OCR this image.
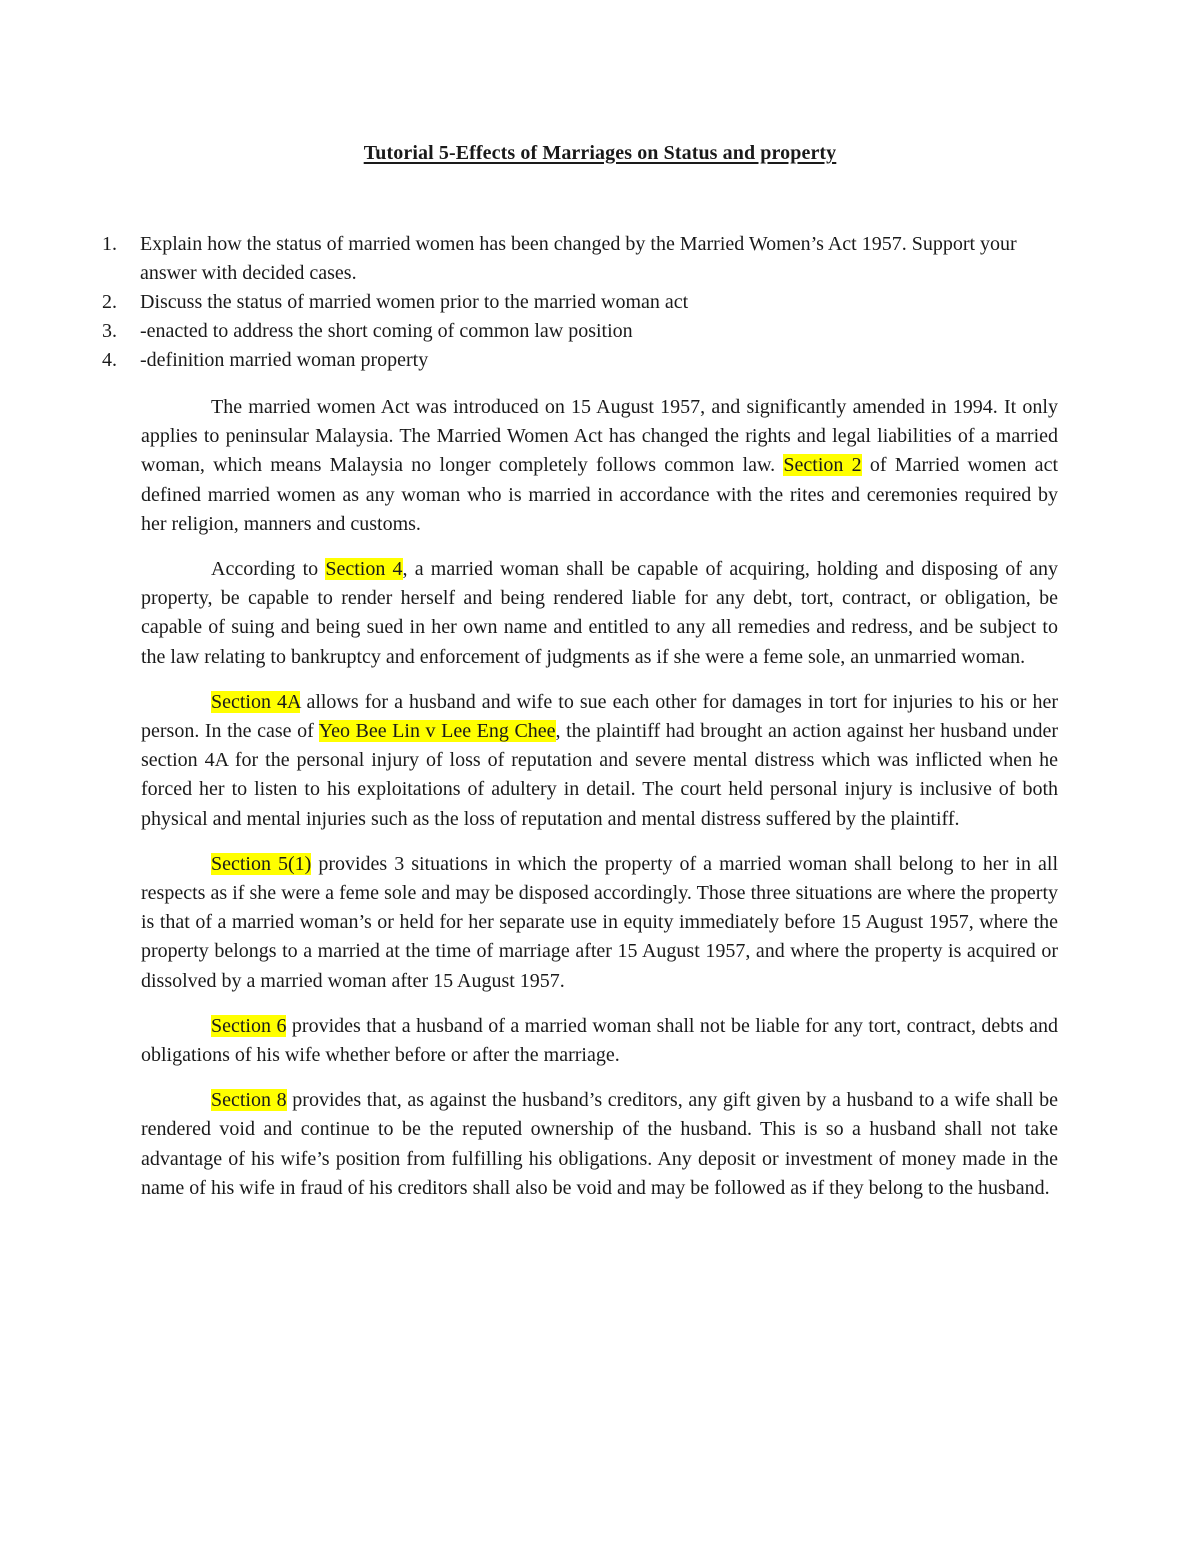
Tutorial 5-Effects of Marriages on Status and property
1.	Explain how the status of married women has been changed by the Married Women’s Act 1957. Support your answer with decided cases.
2.	Discuss the status of married women prior to the married woman act
3.	-enacted to address the short coming of common law position
4.	-definition married woman property

The married women Act was introduced on 15 August 1957, and significantly amended in 1994. It only applies to peninsular Malaysia. The Married Women Act has changed the rights and legal liabilities of a married woman, which means Malaysia no longer completely follows common law. Section 2 of Married women act defined married women as any woman who is married in accordance with the rites and ceremonies required by her religion, manners and customs.

According to Section 4, a married woman shall be capable of acquiring, holding and disposing of any property, be capable to render herself and being rendered liable for any debt, tort, contract, or obligation, be capable of suing and being sued in her own name and entitled to any all remedies and redress, and be subject to the law relating to bankruptcy and enforcement of judgments as if she were a feme sole, an unmarried woman.

Section 4A allows for a husband and wife to sue each other for damages in tort for injuries to his or her person. In the case of Yeo Bee Lin v Lee Eng Chee, the plaintiff had brought an action against her husband under section 4A for the personal injury of loss of reputation and severe mental distress which was inflicted when he forced her to listen to his exploitations of adultery in detail. The court held personal injury is inclusive of both physical and mental injuries such as the loss of reputation and mental distress suffered by the plaintiff.

Section 5(1) provides 3 situations in which the property of a married woman shall belong to her in all respects as if she were a feme sole and may be disposed accordingly. Those three situations are where the property is that of a married woman’s or held for her separate use in equity immediately before 15 August 1957, where the property belongs to a married at the time of marriage after 15 August 1957, and where the property is acquired or dissolved by a married woman after 15 August 1957.

Section 6 provides that a husband of a married woman shall not be liable for any tort, contract, debts and obligations of his wife whether before or after the marriage.

Section 8 provides that, as against the husband’s creditors, any gift given by a husband to a wife shall be rendered void and continue to be the reputed ownership of the husband. This is so a husband shall not take advantage of his wife’s position from fulfilling his obligations. Any deposit or investment of money made in the name of his wife in fraud of his creditors shall also be void and may be followed as if they belong to the husband.
